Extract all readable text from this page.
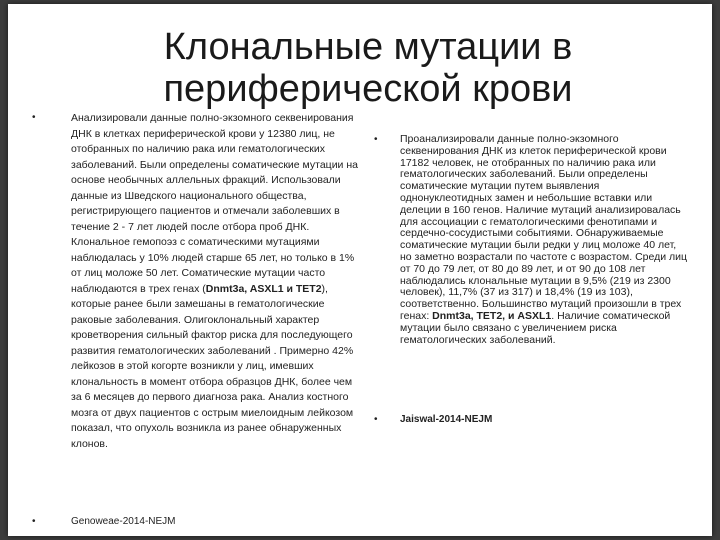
Клональные мутации в периферической крови
•	Анализировали данные полно-экзомного секвенирования ДНК в клетках периферической крови у 12380 лиц, не отобранных по наличию рака или гематологических заболеваний. Были определены соматические мутации на основе необычных аллельных фракций. Использовали данные из Шведского национального общества, регистрирующего пациентов и отмечали заболевших в течение 2 - 7 лет людей после отбора проб ДНК. Клональное гемопоэз с соматическими мутациями наблюдалась у 10% людей старше 65 лет, но только в 1% от лиц моложе 50 лет. Соматические мутации часто наблюдаются в трех генах (Dnmt3a, ASXL1 и TET2), которые ранее были замешаны в гематологические раковые заболевания. Олигоклональный характер кроветворения сильный фактор риска для последующего развития гематологических заболеваний . Примерно 42% лейкозов в этой когорте возникли у лиц, имевших клональность в момент отбора образцов ДНК, более чем за 6 месяцев до первого диагноза рака. Анализ костного мозга от двух пациентов с острым миелоидным лейкозом показал, что опухоль возникла из ранее обнаруженных клонов.
•	Genoweae-2014-NEJM
• Проанализировали данные полно-экзомного секвенирования ДНК из клеток периферической крови 17182 человек, не отобранных по наличию рака или гематологических заболеваний. Были определены соматические мутации путем выявления однонуклеотидных замен и небольшие вставки или делеции в 160 генов. Наличие мутаций анализировалась для ассоциации с гематологическими фенотипами и сердечно-сосудистыми событиями. Обнаруживаемые соматические мутации были редки у лиц моложе 40 лет, но заметно возрастали по частоте с возрастом. Среди лиц от 70 до 79 лет, от 80 до 89 лет, и от 90 до 108 лет наблюдались клональные мутации в 9,5% (219 из 2300 человек), 11,7% (37 из 317) и 18,4% (19 из 103), соответственно. Большинство мутаций произошли в трех генах: Dnmt3a, TET2, и ASXL1. Наличие соматической мутации было связано с увеличением риска гематологических заболеваний.
• Jaiswal-2014-NEJM
